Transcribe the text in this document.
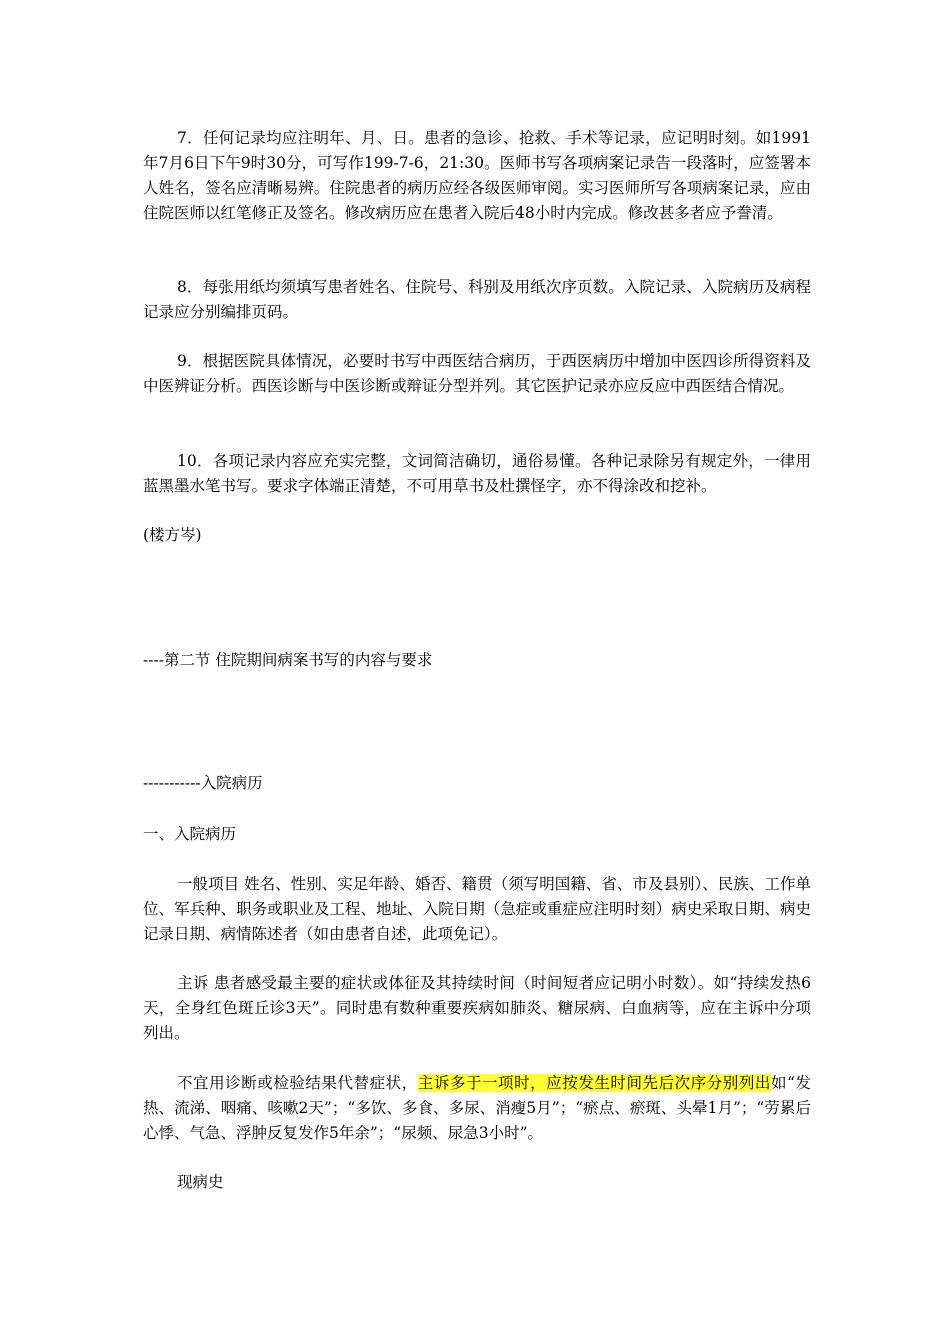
7．任何记录均应注明年、月、日。患者的急诊、抢救、手术等记录，应记明时刻。如1991年7月6日下午9时30分，可写作199-7-6，21:30。医师书写各项病案记录告一段落时，应签署本人姓名，签名应清晰易辨。住院患者的病历应经各级医师审阅。实习医师所写各项病案记录，应由住院医师以红笔修正及签名。修改病历应在患者入院后48小时内完成。修改甚多者应予誊清。

8．每张用纸均须填写患者姓名、住院号、科别及用纸次序页数。入院记录、入院病历及病程记录应分别编排页码。

9．根据医院具体情况，必要时书写中西医结合病历，于西医病历中增加中医四诊所得资料及中医辨证分析。西医诊断与中医诊断或辩证分型并列。其它医护记录亦应反应中西医结合情况。

10．各项记录内容应充实完整，文词简洁确切，通俗易懂。各种记录除另有规定外，一律用蓝黑墨水笔书写。要求字体端正清楚，不可用草书及杜撰怪字，亦不得涂改和挖补。

(楼方岑)

----第二节 住院期间病案书写的内容与要求

-----------入院病历

一、入院病历

一般项目 姓名、性别、实足年龄、婚否、籍贯（须写明国籍、省、市及县别）、民族、工作单位、军兵种、职务或职业及工程、地址、入院日期（急症或重症应注明时刻）病史采取日期、病史记录日期、病情陈述者（如由患者自述，此项免记）。

主诉 患者感受最主要的症状或体征及其持续时间（时间短者应记明小时数）。如“持续发热6天，全身红色斑丘诊3天”。同时患有数种重要疾病如肺炎、糖尿病、白血病等，应在主诉中分项列出。

不宜用诊断或检验结果代替症状，主诉多于一项时，应按发生时间先后次序分别列出如“发热、流涕、咽痛、咳嗽2天”；“多饮、多食、多尿、消瘦5月”；“瘀点、瘀斑、头晕1月”；“劳累后心悸、气急、浮肿反复发作5年余”；“尿频、尿急3小时”。

现病史
